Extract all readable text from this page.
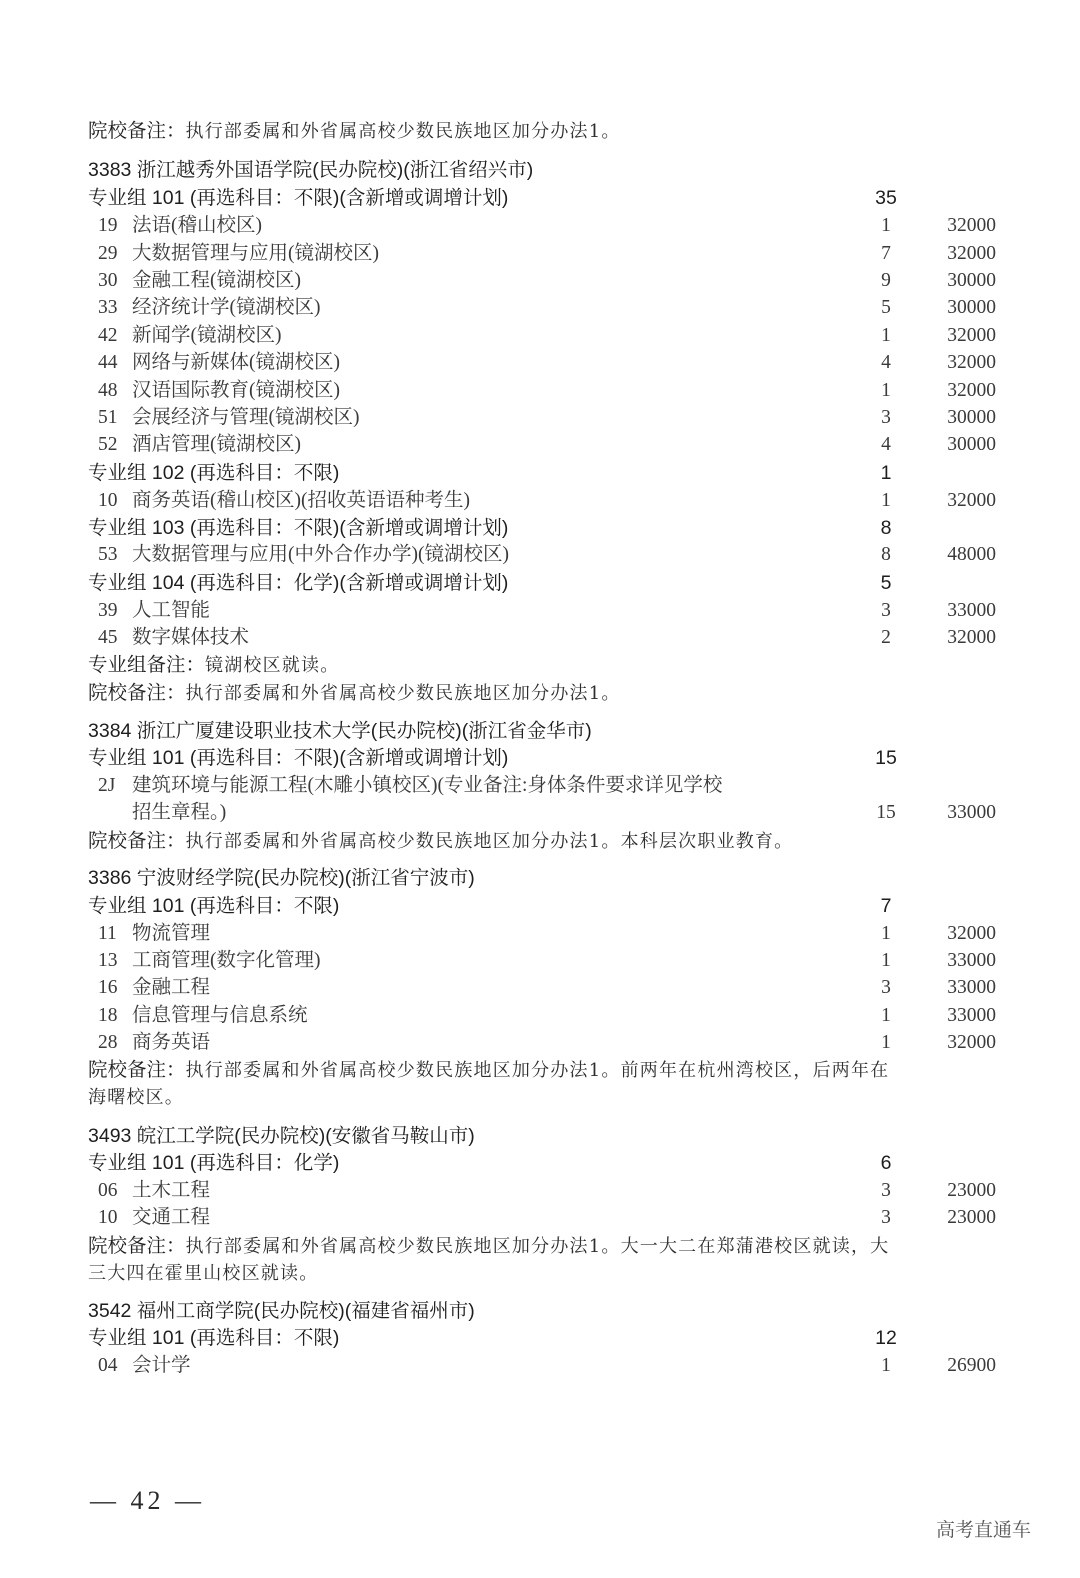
院校备注：执行部委属和外省属高校少数民族地区加分办法1。
3383 浙江越秀外国语学院(民办院校)(浙江省绍兴市)
专业组 101 (再选科目：不限)(含新增或调增计划)	35
19 法语(稽山校区)	1	32000
29 大数据管理与应用(镜湖校区)	7	32000
30 金融工程(镜湖校区)	9	30000
33 经济统计学(镜湖校区)	5	30000
42 新闻学(镜湖校区)	1	32000
44 网络与新媒体(镜湖校区)	4	32000
48 汉语国际教育(镜湖校区)	1	32000
51 会展经济与管理(镜湖校区)	3	30000
52 酒店管理(镜湖校区)	4	30000
专业组 102 (再选科目：不限)	1
10 商务英语(稽山校区)(招收英语语种考生)	1	32000
专业组 103 (再选科目：不限)(含新增或调增计划)	8
53 大数据管理与应用(中外合作办学)(镜湖校区)	8	48000
专业组 104 (再选科目：化学)(含新增或调增计划)	5
39 人工智能	3	33000
45 数字媒体技术	2	32000
专业组备注：镜湖校区就读。
院校备注：执行部委属和外省属高校少数民族地区加分办法1。
3384 浙江广厦建设职业技术大学(民办院校)(浙江省金华市)
专业组 101 (再选科目：不限)(含新增或调增计划)	15
2J 建筑环境与能源工程(木雕小镇校区)(专业备注:身体条件要求详见学校
招生章程。)	15	33000
院校备注：执行部委属和外省属高校少数民族地区加分办法1。本科层次职业教育。
3386 宁波财经学院(民办院校)(浙江省宁波市)
专业组 101 (再选科目：不限)	7
11 物流管理	1	32000
13 工商管理(数字化管理)	1	33000
16 金融工程	3	33000
18 信息管理与信息系统	1	33000
28 商务英语	1	32000
院校备注：执行部委属和外省属高校少数民族地区加分办法1。前两年在杭州湾校区，后两年在
海曙校区。
3493 皖江工学院(民办院校)(安徽省马鞍山市)
专业组 101 (再选科目：化学)	6
06 土木工程	3	23000
10 交通工程	3	23000
院校备注：执行部委属和外省属高校少数民族地区加分办法1。大一大二在郑蒲港校区就读，大
三大四在霍里山校区就读。
3542 福州工商学院(民办院校)(福建省福州市)
专业组 101 (再选科目：不限)	12
04 会计学	1	26900
— 42 —
高考直通车
